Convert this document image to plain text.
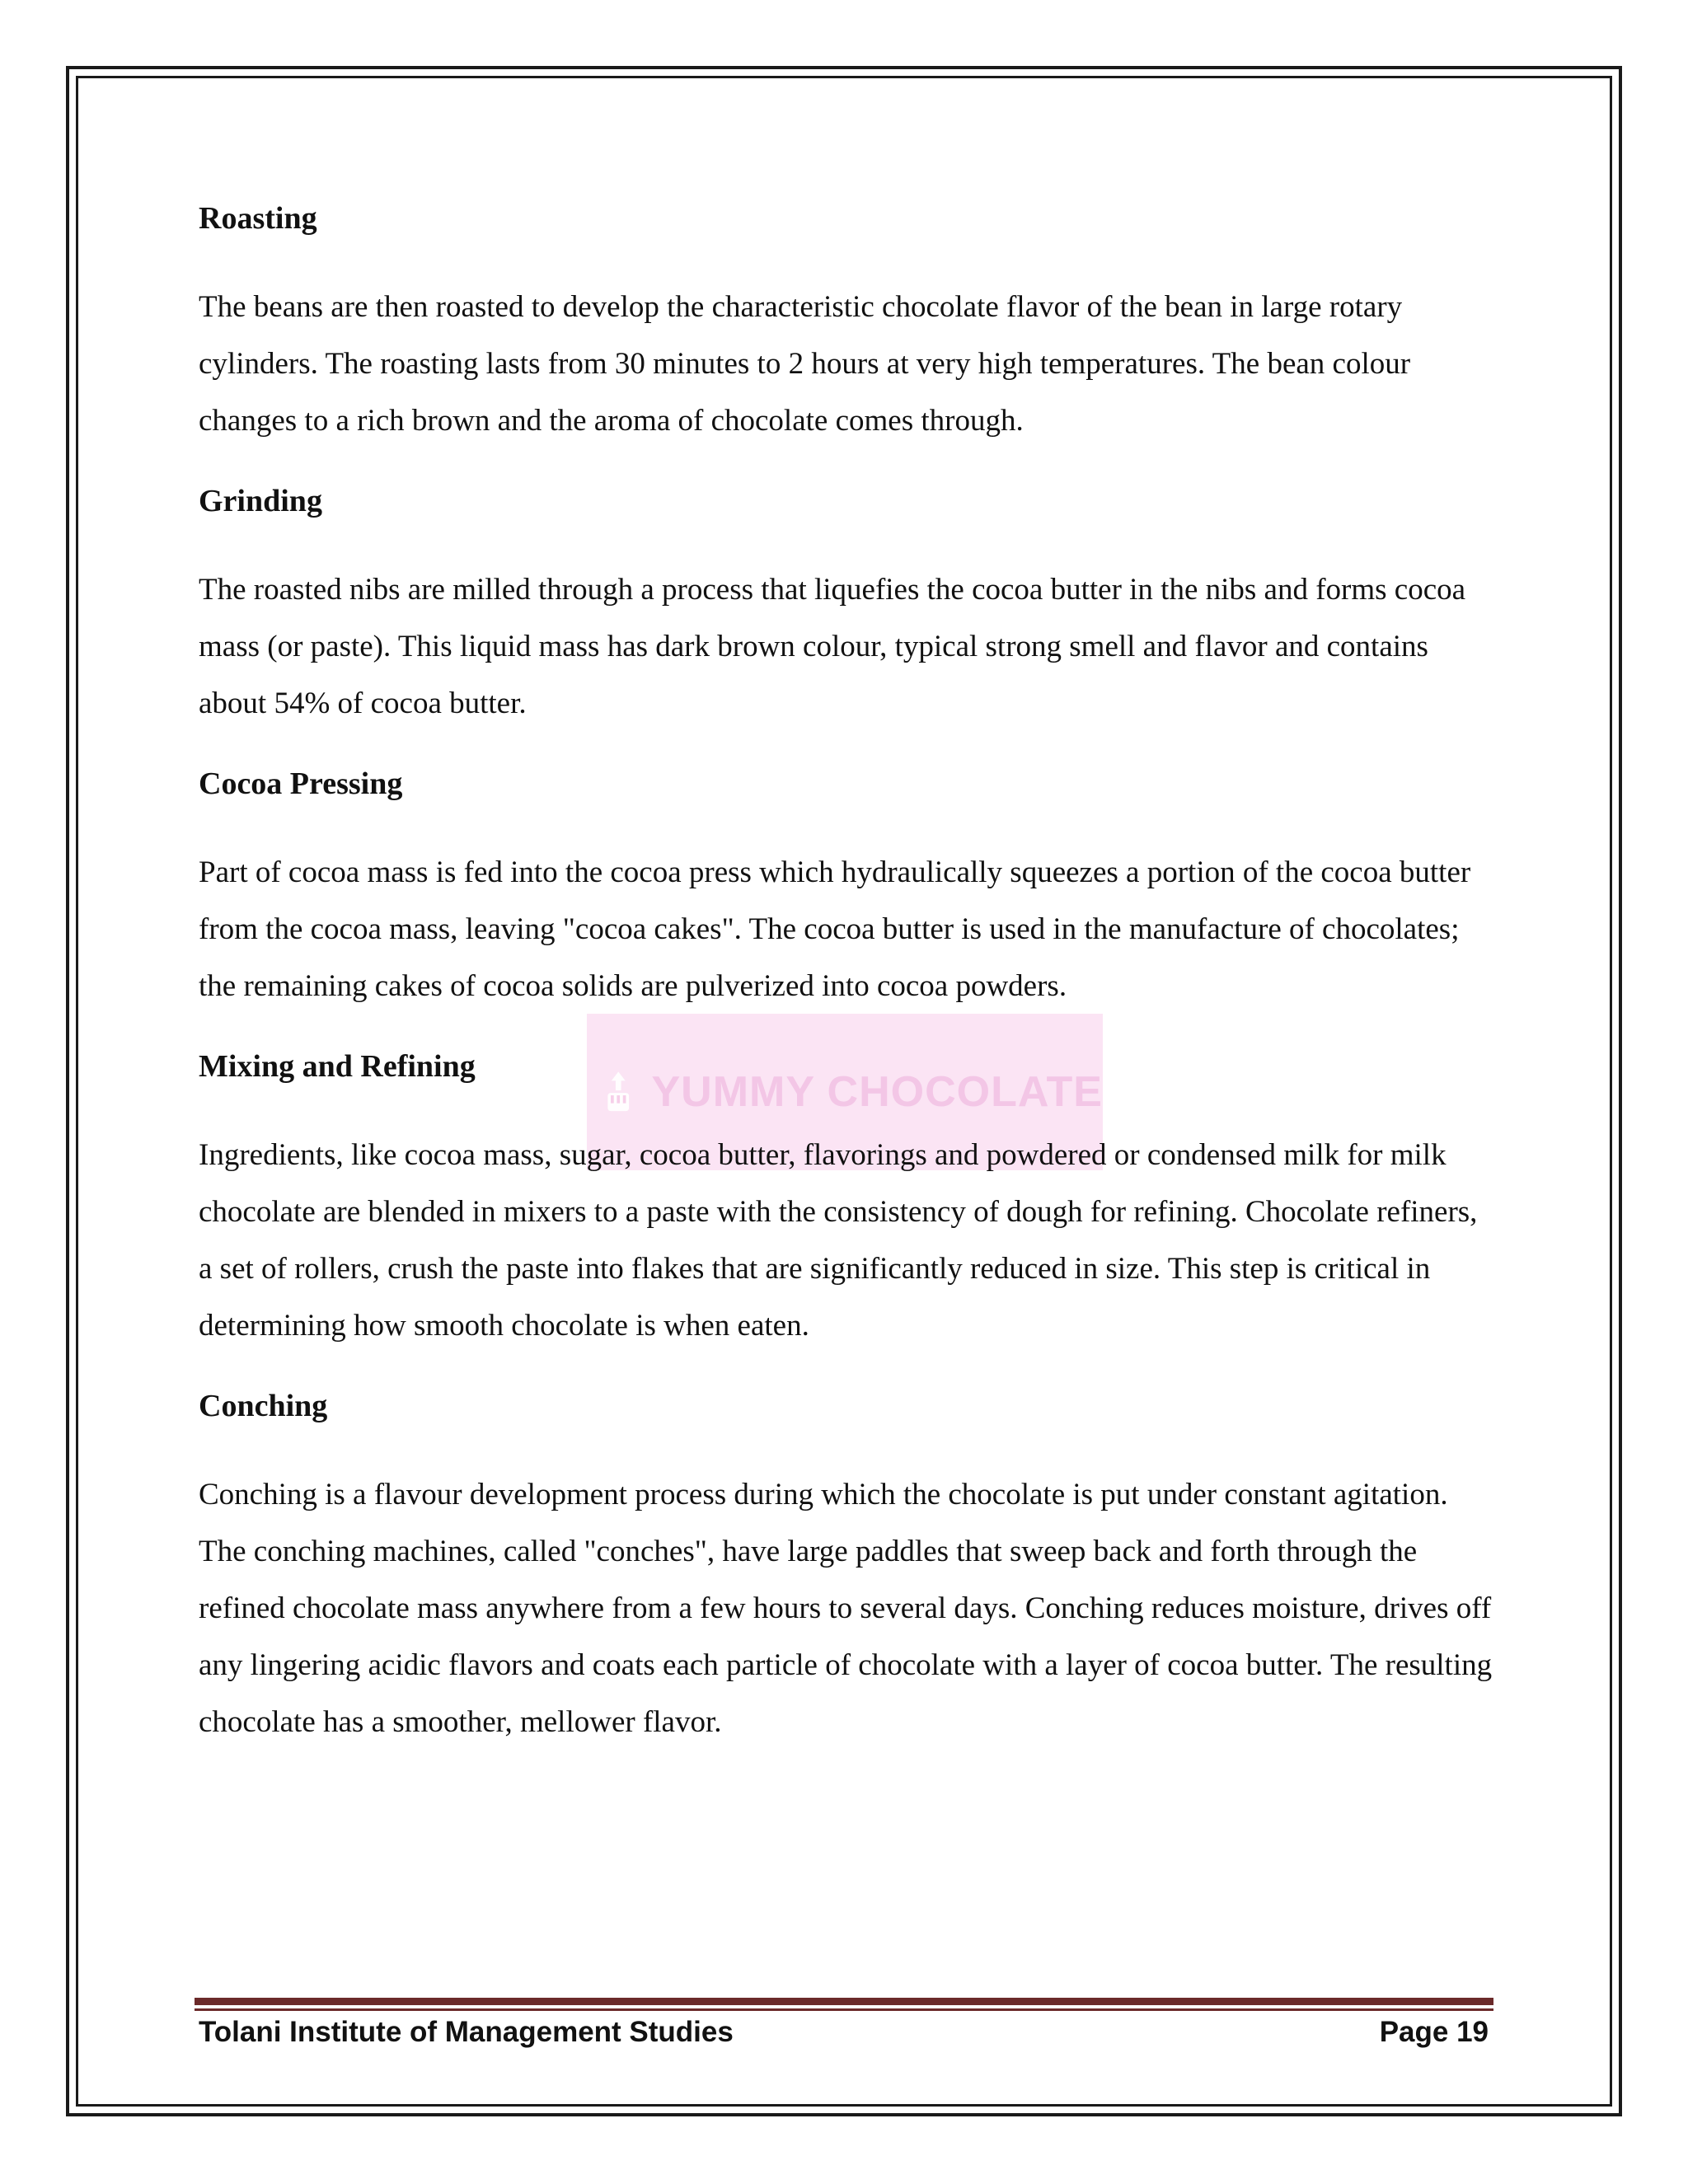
YUMMY CHOCOLATE
Roasting

The beans are then roasted to develop the characteristic chocolate flavor of the bean in large rotary cylinders. The roasting lasts from 30 minutes to 2 hours at very high temperatures. The bean colour changes to a rich brown and the aroma of chocolate comes through.

Grinding

The roasted nibs are milled through a process that liquefies the cocoa butter in the nibs and forms cocoa mass (or paste). This liquid mass has dark brown colour, typical strong smell and flavor and contains about 54% of cocoa butter.

Cocoa Pressing

Part of cocoa mass is fed into the cocoa press which hydraulically squeezes a portion of the cocoa butter from the cocoa mass, leaving "cocoa cakes". The cocoa butter is used in the manufacture of chocolates; the remaining cakes of cocoa solids are pulverized into cocoa powders.

Mixing and Refining

Ingredients, like cocoa mass, sugar, cocoa butter, flavorings and powdered or condensed milk for milk chocolate are blended in mixers to a paste with the consistency of dough for refining. Chocolate refiners, a set of rollers, crush the paste into flakes that are significantly reduced in size. This step is critical in determining how smooth chocolate is when eaten.

Conching

Conching is a flavour development process during which the chocolate is put under constant agitation. The conching machines, called "conches", have large paddles that sweep back and forth through the refined chocolate mass anywhere from a few hours to several days. Conching reduces moisture, drives off any lingering acidic flavors and coats each particle of chocolate with a layer of cocoa butter. The resulting chocolate has a smoother, mellower flavor.

Tolani Institute of Management Studies	Page 19
